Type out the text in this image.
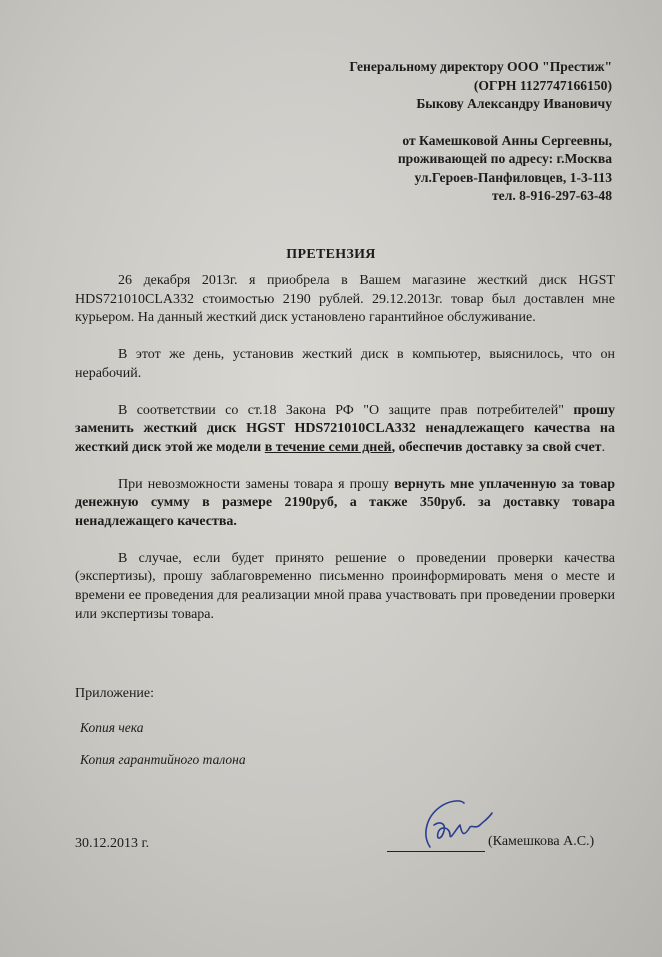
Генеральному директору ООО "Престиж"
(ОГРН 1127747166150)
Быкову Александру Ивановичу
от Камешковой Анны Сергеевны,
проживающей по адресу: г.Москва
ул.Героев-Панфиловцев, 1-3-113
тел. 8-916-297-63-48
ПРЕТЕНЗИЯ

26 декабря 2013г. я приобрела в Вашем магазине жесткий диск HGST HDS721010CLA332 стоимостью 2190 рублей. 29.12.2013г. товар был доставлен мне курьером. На данный жесткий диск установлено гарантийное обслуживание.

В этот же день, установив жесткий диск в компьютер, выяснилось, что он нерабочий.

В соответствии со ст.18 Закона РФ "О защите прав потребителей" прошу заменить жесткий диск HGST HDS721010CLA332 ненадлежащего качества на жесткий диск этой же модели в течение семи дней, обеспечив доставку за свой счет.

При невозможности замены товара я прошу вернуть мне уплаченную за товар денежную сумму в размере 2190руб, а также 350руб. за доставку товара ненадлежащего качества.

В случае, если будет принято решение о проведении проверки качества (экспертизы), прошу заблаговременно письменно проинформировать меня о месте и времени ее проведения для реализации мной права участвовать при проведении проверки или экспертизы товара.

Приложение:
Копия чека
Копия гарантийного талона
30.12.2013 г.	(Камешкова А.С.)
